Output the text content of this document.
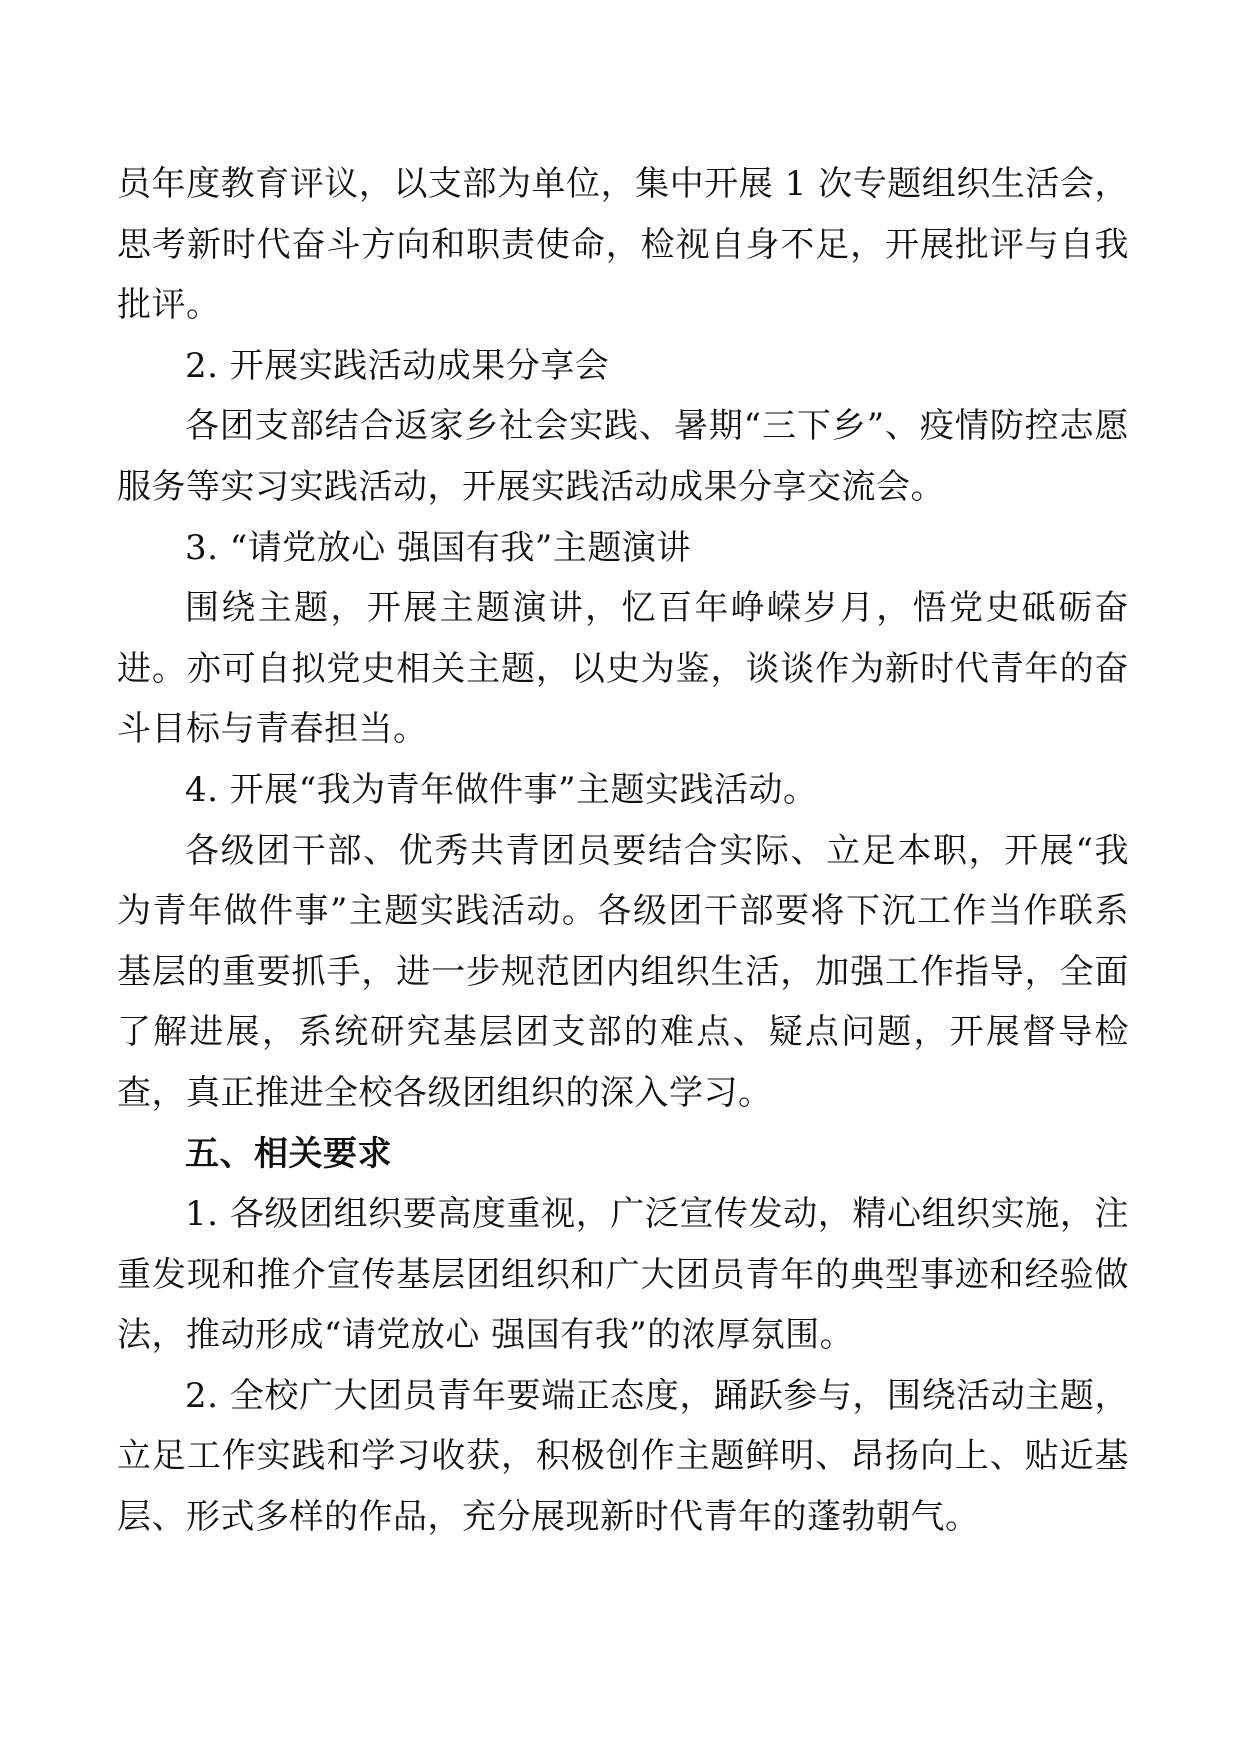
员年度教育评议，以支部为单位，集中开展 1 次专题组织生活会，思考新时代奋斗方向和职责使命，检视自身不足，开展批评与自我批评。

2. 开展实践活动成果分享会

各团支部结合返家乡社会实践、暑期“三下乡”、疫情防控志愿服务等实习实践活动，开展实践活动成果分享交流会。

3. “请党放心 强国有我”主题演讲

围绕主题，开展主题演讲，忆百年峥嵘岁月，悟党史砥砺奋进。亦可自拟党史相关主题，以史为鉴，谈谈作为新时代青年的奋斗目标与青春担当。

4. 开展“我为青年做件事”主题实践活动。

各级团干部、优秀共青团员要结合实际、立足本职，开展“我为青年做件事”主题实践活动。各级团干部要将下沉工作当作联系基层的重要抓手，进一步规范团内组织生活，加强工作指导，全面了解进展，系统研究基层团支部的难点、疑点问题，开展督导检查，真正推进全校各级团组织的深入学习。

五、相关要求

1. 各级团组织要高度重视，广泛宣传发动，精心组织实施，注重发现和推介宣传基层团组织和广大团员青年的典型事迹和经验做法，推动形成“请党放心 强国有我”的浓厚氛围。

2. 全校广大团员青年要端正态度，踊跃参与，围绕活动主题，立足工作实践和学习收获，积极创作主题鲜明、昂扬向上、贴近基层、形式多样的作品，充分展现新时代青年的蓬勃朝气。
